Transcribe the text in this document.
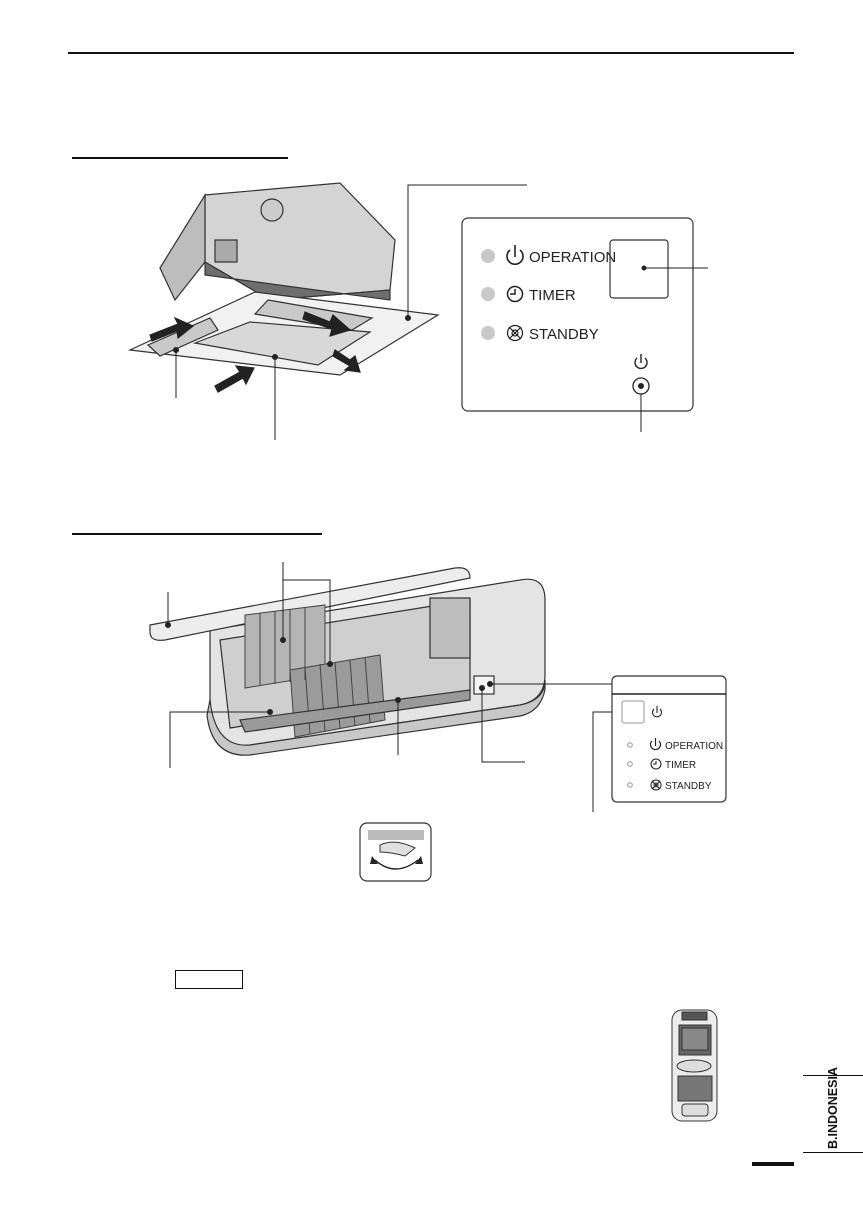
OPERATION
TIMER
STANDBY
OPERATION
TIMER
STANDBY
B.INDONESIA
